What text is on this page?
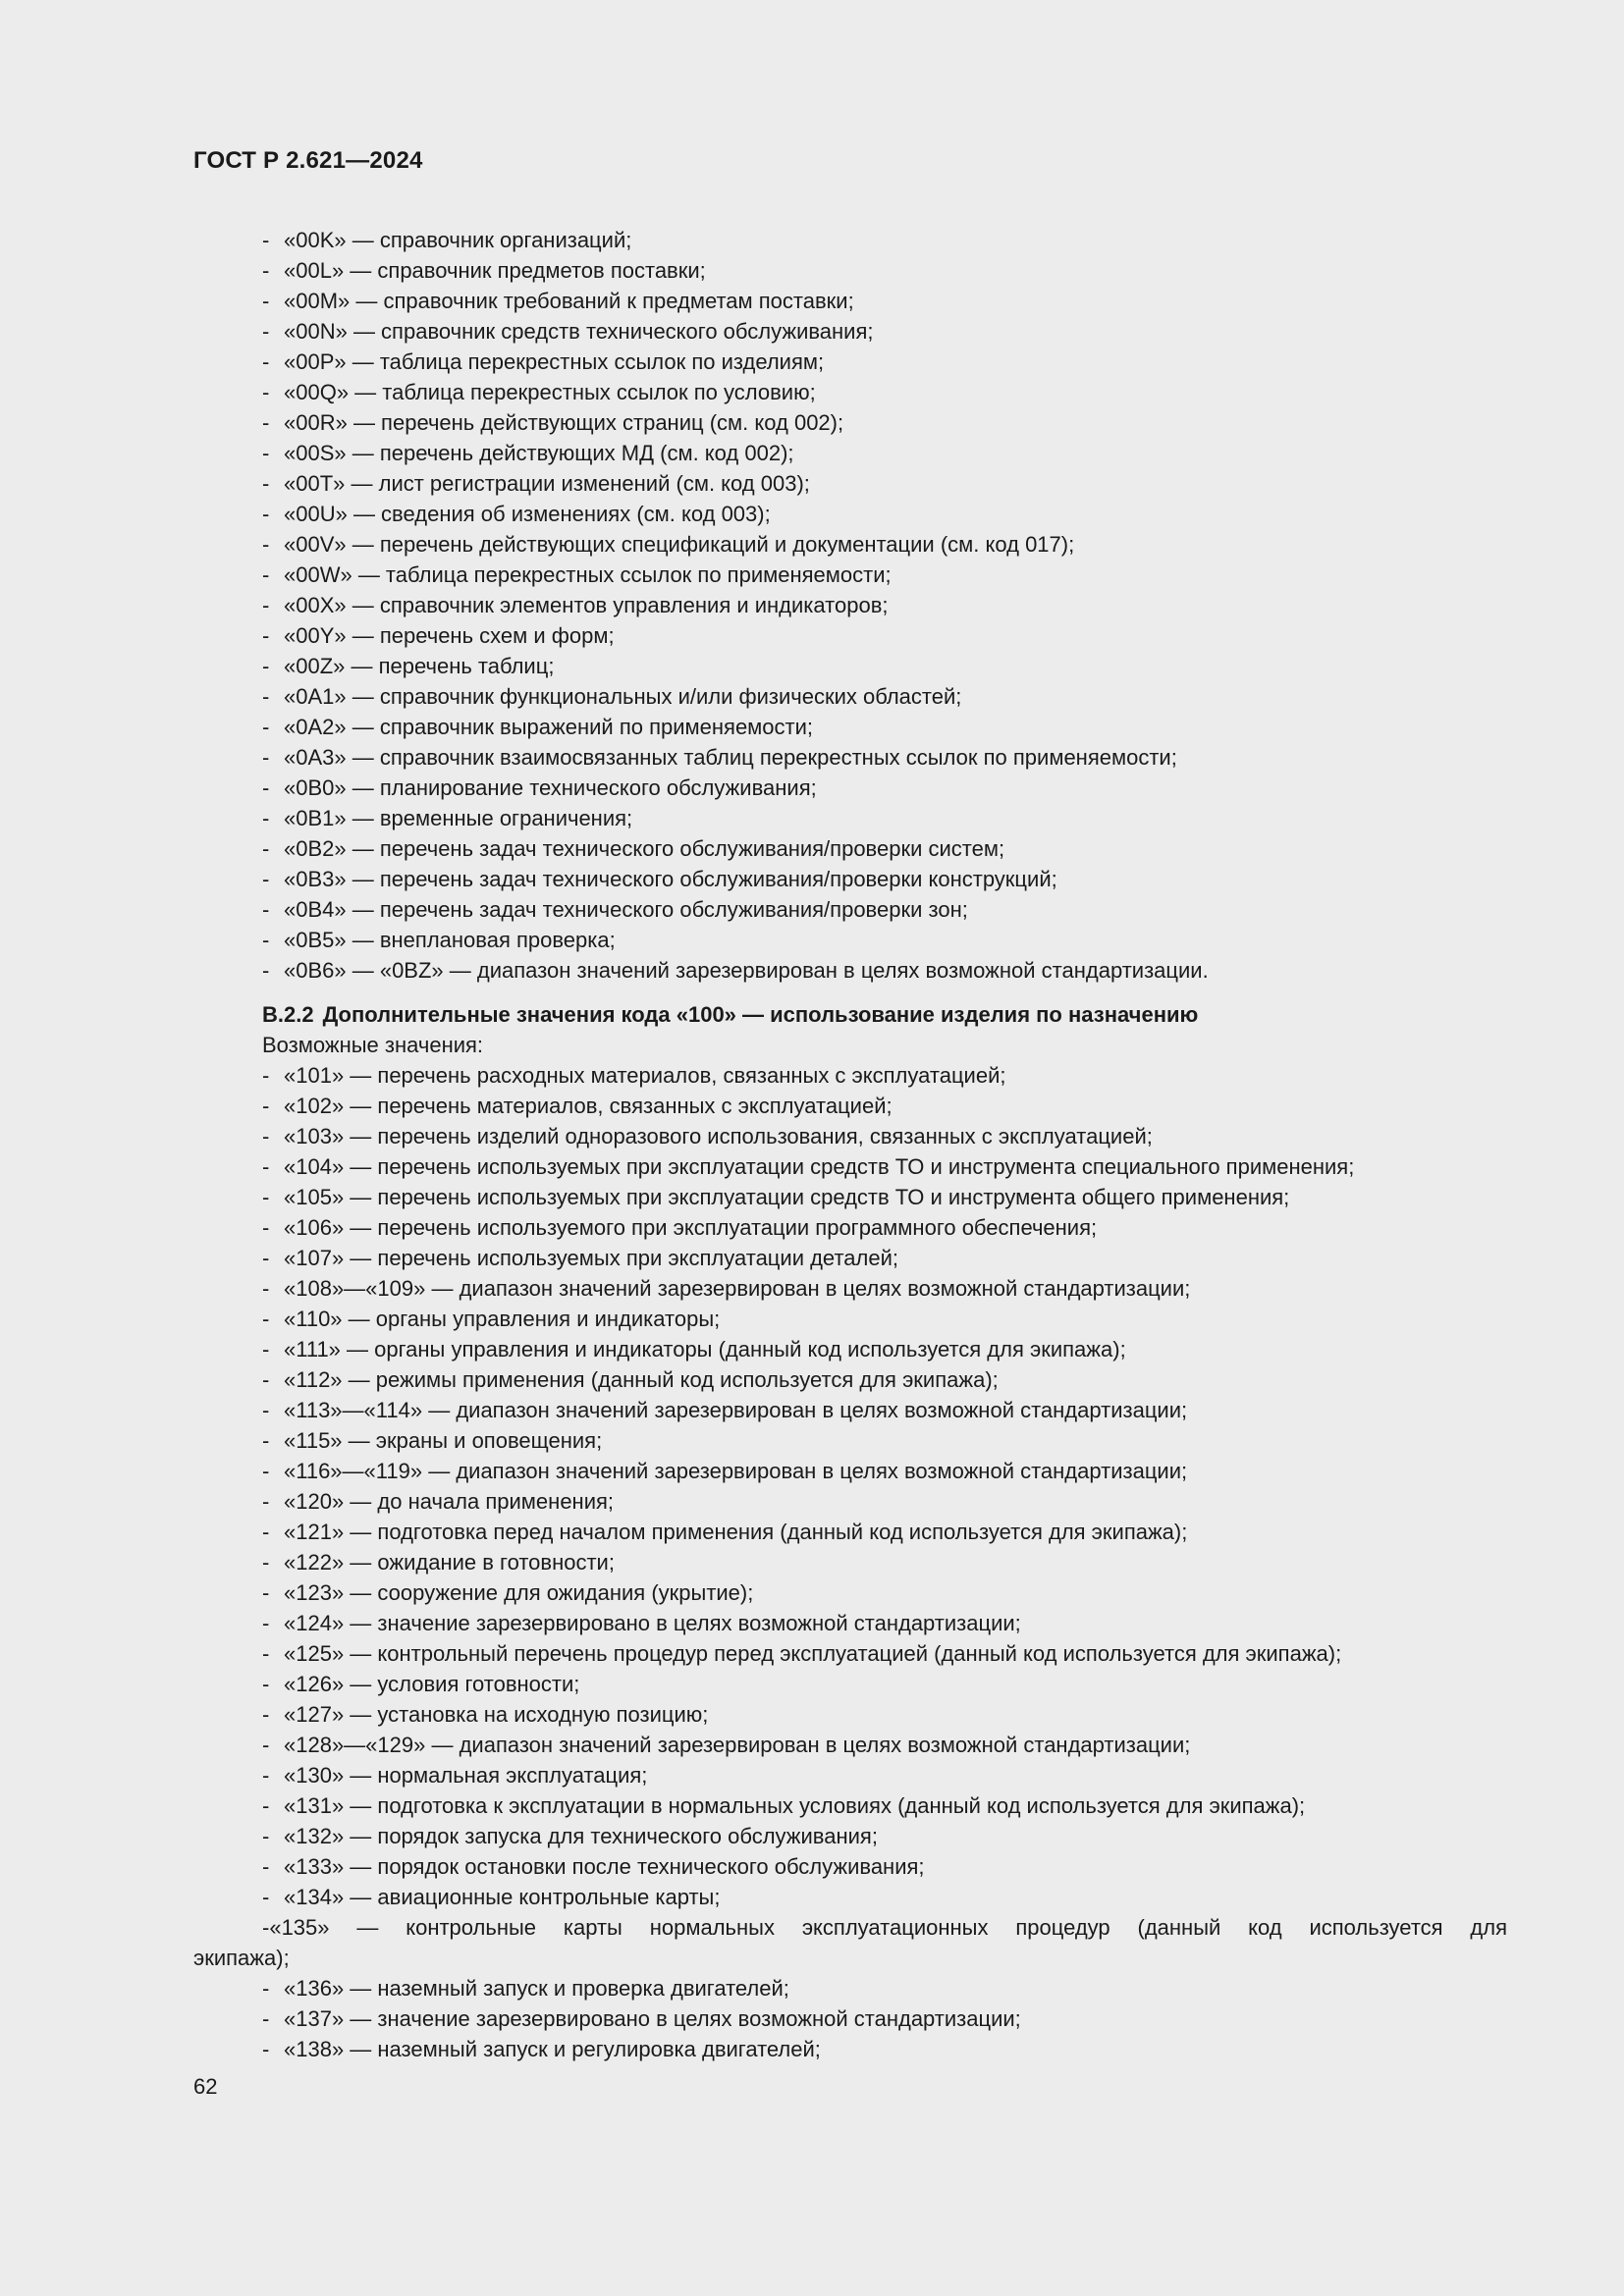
ГОСТ Р 2.621—2024
- «00K» — справочник организаций;
- «00L» — справочник предметов поставки;
- «00M» — справочник требований к предметам поставки;
- «00N» — справочник средств технического обслуживания;
- «00P» — таблица перекрестных ссылок по изделиям;
- «00Q» — таблица перекрестных ссылок по условию;
- «00R» — перечень действующих страниц (см. код 002);
- «00S» — перечень действующих МД (см. код 002);
- «00T» — лист регистрации изменений (см. код 003);
- «00U» — сведения об изменениях (см. код 003);
- «00V» — перечень действующих спецификаций и документации (см. код 017);
- «00W» — таблица перекрестных ссылок по применяемости;
- «00X» — справочник элементов управления и индикаторов;
- «00Y» — перечень схем и форм;
- «00Z» — перечень таблиц;
- «0A1» — справочник функциональных и/или физических областей;
- «0A2» — справочник выражений по применяемости;
- «0A3» — справочник взаимосвязанных таблиц перекрестных ссылок по применяемости;
- «0B0» — планирование технического обслуживания;
- «0B1» — временные ограничения;
- «0B2» — перечень задач технического обслуживания/проверки систем;
- «0B3» — перечень задач технического обслуживания/проверки конструкций;
- «0B4» — перечень задач технического обслуживания/проверки зон;
- «0B5» — внеплановая проверка;
- «0B6» — «0BZ» — диапазон значений зарезервирован в целях возможной стандартизации.
В.2.2 Дополнительные значения кода «100» — использование изделия по назначению
Возможные значения:
- «101» — перечень расходных материалов, связанных с эксплуатацией;
- «102» — перечень материалов, связанных с эксплуатацией;
- «103» — перечень изделий одноразового использования, связанных с эксплуатацией;
- «104» — перечень используемых при эксплуатации средств ТО и инструмента специального применения;
- «105» — перечень используемых при эксплуатации средств ТО и инструмента общего применения;
- «106» — перечень используемого при эксплуатации программного обеспечения;
- «107» — перечень используемых при эксплуатации деталей;
- «108»—«109» — диапазон значений зарезервирован в целях возможной стандартизации;
- «110» — органы управления и индикаторы;
- «111» — органы управления и индикаторы (данный код используется для экипажа);
- «112» — режимы применения (данный код используется для экипажа);
- «113»—«114» — диапазон значений зарезервирован в целях возможной стандартизации;
- «115» — экраны и оповещения;
- «116»—«119» — диапазон значений зарезервирован в целях возможной стандартизации;
- «120» — до начала применения;
- «121» — подготовка перед началом применения (данный код используется для экипажа);
- «122» — ожидание в готовности;
- «123» — сооружение для ожидания (укрытие);
- «124» — значение зарезервировано в целях возможной стандартизации;
- «125» — контрольный перечень процедур перед эксплуатацией (данный код используется для экипажа);
- «126» — условия готовности;
- «127» — установка на исходную позицию;
- «128»—«129» — диапазон значений зарезервирован в целях возможной стандартизации;
- «130» — нормальная эксплуатация;
- «131» — подготовка к эксплуатации в нормальных условиях (данный код используется для экипажа);
- «132» — порядок запуска для технического обслуживания;
- «133» — порядок остановки после технического обслуживания;
- «134» — авиационные контрольные карты;
-«135» — контрольные карты нормальных эксплуатационных процедур (данный код используется для
экипажа);
- «136» — наземный запуск и проверка двигателей;
- «137» — значение зарезервировано в целях возможной стандартизации;
- «138» — наземный запуск и регулировка двигателей;
62
